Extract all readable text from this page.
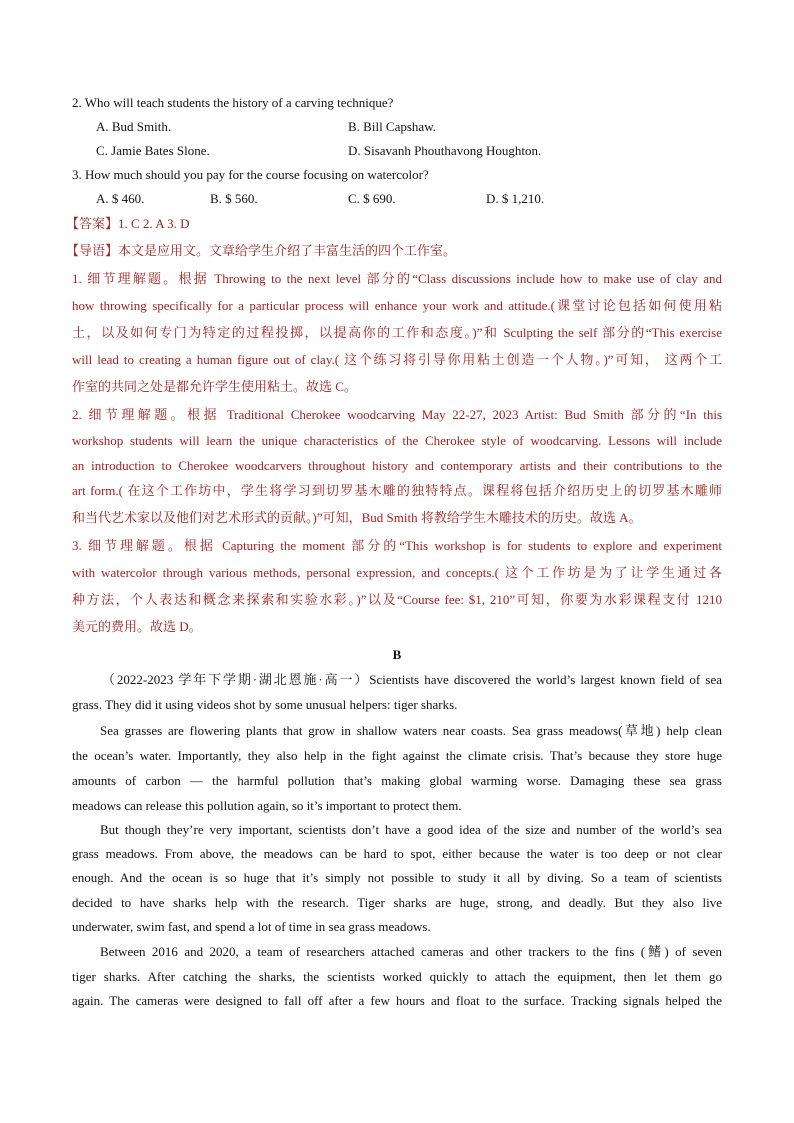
2. Who will teach students the history of a carving technique?
A. Bud Smith.	B. Bill Capshaw.
C. Jamie Bates Slone.	D. Sisavanh Phouthavong Houghton.
3. How much should you pay for the course focusing on watercolor?
A. $ 460.	B. $ 560.	C. $ 690.	D. $ 1,210.
【答案】1. C 2. A 3. D
【导语】本文是应用文。文章给学生介绍了丰富生活的四个工作室。
1. 细节理解题。根据 Throwing to the next level 部分的“Class discussions include how to make use of clay and
how throwing specifically for a particular process will enhance your work and attitude.(课堂讨论包括如何使用粘
土，以及如何专门为特定的过程投掷，以提高你的工作和态度。)”和 Sculpting the self 部分的“This exercise
will lead to creating a human figure out of clay.( 这个练习将引导你用粘土创造一个人物。)”可知， 这两个工
作室的共同之处是都允许学生使用粘土。故选 C。
2. 细节理解题。根据 Traditional Cherokee woodcarving May 22-27, 2023 Artist: Bud Smith 部分的“In this
workshop students will learn the unique characteristics of the Cherokee style of woodcarving. Lessons will include
an introduction to Cherokee woodcarvers throughout history and contemporary artists and their contributions to the
art form.( 在这个工作坊中，学生将学习到切罗基木雕的独特特点。课程将包括介绍历史上的切罗基木雕师
和当代艺术家以及他们对艺术形式的贡献。)”可知，Bud Smith 将教给学生木雕技术的历史。故选 A。
3. 细节理解题。根据 Capturing the moment 部分的“This workshop is for students to explore and experiment
with watercolor through various methods, personal expression, and concepts.( 这个工作坊是为了让学生通过各
种方法，个人表达和概念来探索和实验水彩。)”以及“Course fee: $1, 210”可知，你要为水彩课程支付 1210
美元的费用。故选 D。
B
（2022-2023 学年下学期·湖北恩施·高一）Scientists have discovered the world’s largest known field of sea
grass. They did it using videos shot by some unusual helpers: tiger sharks.
Sea grasses are flowering plants that grow in shallow waters near coasts. Sea grass meadows(草地) help clean
the ocean’s water. Importantly, they also help in the fight against the climate crisis. That’s because they store huge
amounts of carbon — the harmful pollution that’s making global warming worse. Damaging these sea grass
meadows can release this pollution again, so it’s important to protect them.
But though they’re very important, scientists don’t have a good idea of the size and number of the world’s sea
grass meadows. From above, the meadows can be hard to spot, either because the water is too deep or not clear
enough. And the ocean is so huge that it’s simply not possible to study it all by diving. So a team of scientists
decided to have sharks help with the research. Tiger sharks are huge, strong, and deadly. But they also live
underwater, swim fast, and spend a lot of time in sea grass meadows.
Between 2016 and 2020, a team of researchers attached cameras and other trackers to the fins (鳍) of seven
tiger sharks. After catching the sharks, the scientists worked quickly to attach the equipment, then let them go
again. The cameras were designed to fall off after a few hours and float to the surface. Tracking signals helped the
